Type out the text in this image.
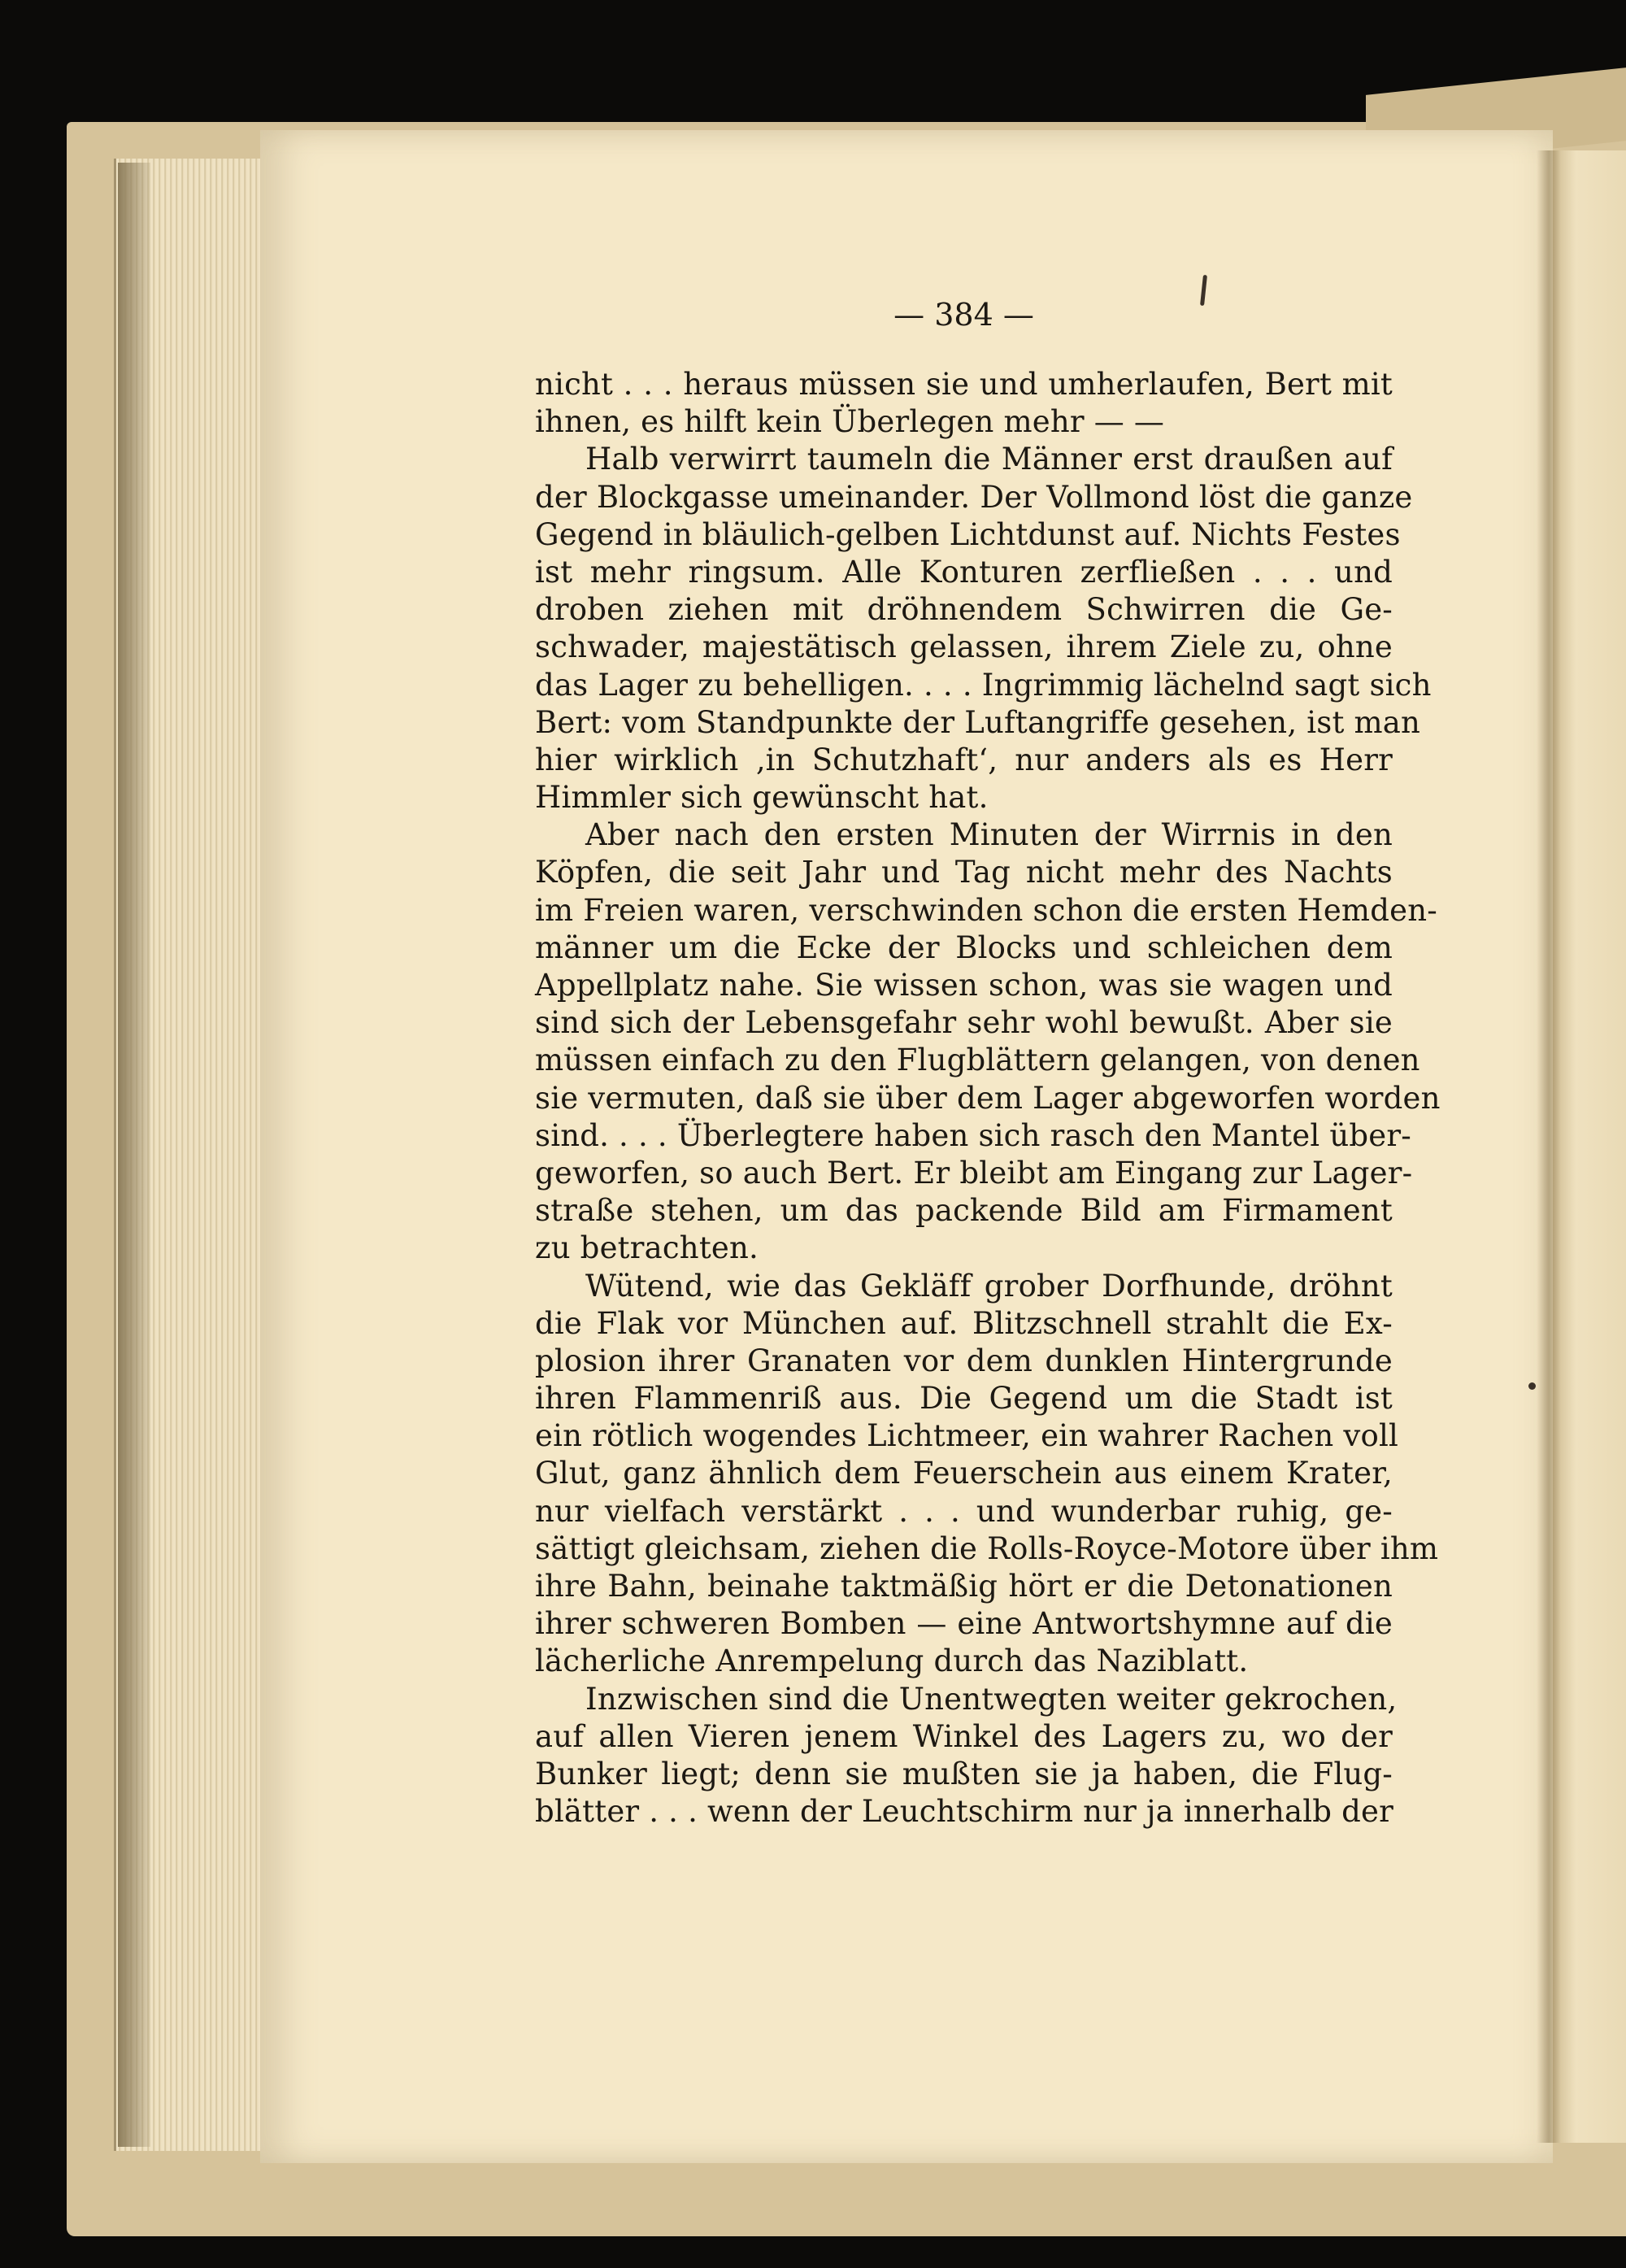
— 384 —
nicht . . . heraus müssen sie und umherlaufen, Bert mit
ihnen, es hilft kein Überlegen mehr — —
Halb verwirrt taumeln die Männer erst draußen auf
der Blockgasse umeinander. Der Vollmond löst die ganze
Gegend in bläulich-gelben Lichtdunst auf. Nichts Festes
ist mehr ringsum. Alle Konturen zerfließen . . . und
droben ziehen mit dröhnendem Schwirren die Ge-
schwader, majestätisch gelassen, ihrem Ziele zu, ohne
das Lager zu behelligen. . . . Ingrimmig lächelnd sagt sich
Bert: vom Standpunkte der Luftangriffe gesehen, ist man
hier wirklich ‚in Schutzhaft‘, nur anders als es Herr
Himmler sich gewünscht hat.
Aber nach den ersten Minuten der Wirrnis in den
Köpfen, die seit Jahr und Tag nicht mehr des Nachts
im Freien waren, verschwinden schon die ersten Hemden-
männer um die Ecke der Blocks und schleichen dem
Appellplatz nahe. Sie wissen schon, was sie wagen und
sind sich der Lebensgefahr sehr wohl bewußt. Aber sie
müssen einfach zu den Flugblättern gelangen, von denen
sie vermuten, daß sie über dem Lager abgeworfen worden
sind. . . . Überlegtere haben sich rasch den Mantel über-
geworfen, so auch Bert. Er bleibt am Eingang zur Lager-
straße stehen, um das packende Bild am Firmament
zu betrachten.
Wütend, wie das Gekläff grober Dorfhunde, dröhnt
die Flak vor München auf. Blitzschnell strahlt die Ex-
plosion ihrer Granaten vor dem dunklen Hintergrunde
ihren Flammenriß aus. Die Gegend um die Stadt ist
ein rötlich wogendes Lichtmeer, ein wahrer Rachen voll
Glut, ganz ähnlich dem Feuerschein aus einem Krater,
nur vielfach verstärkt . . . und wunderbar ruhig, ge-
sättigt gleichsam, ziehen die Rolls-Royce-Motore über ihm
ihre Bahn, beinahe taktmäßig hört er die Detonationen
ihrer schweren Bomben — eine Antwortshymne auf die
lächerliche Anrempelung durch das Naziblatt.
Inzwischen sind die Unentwegten weiter gekrochen,
auf allen Vieren jenem Winkel des Lagers zu, wo der
Bunker liegt; denn sie mußten sie ja haben, die Flug-
blätter . . . wenn der Leuchtschirm nur ja innerhalb der
